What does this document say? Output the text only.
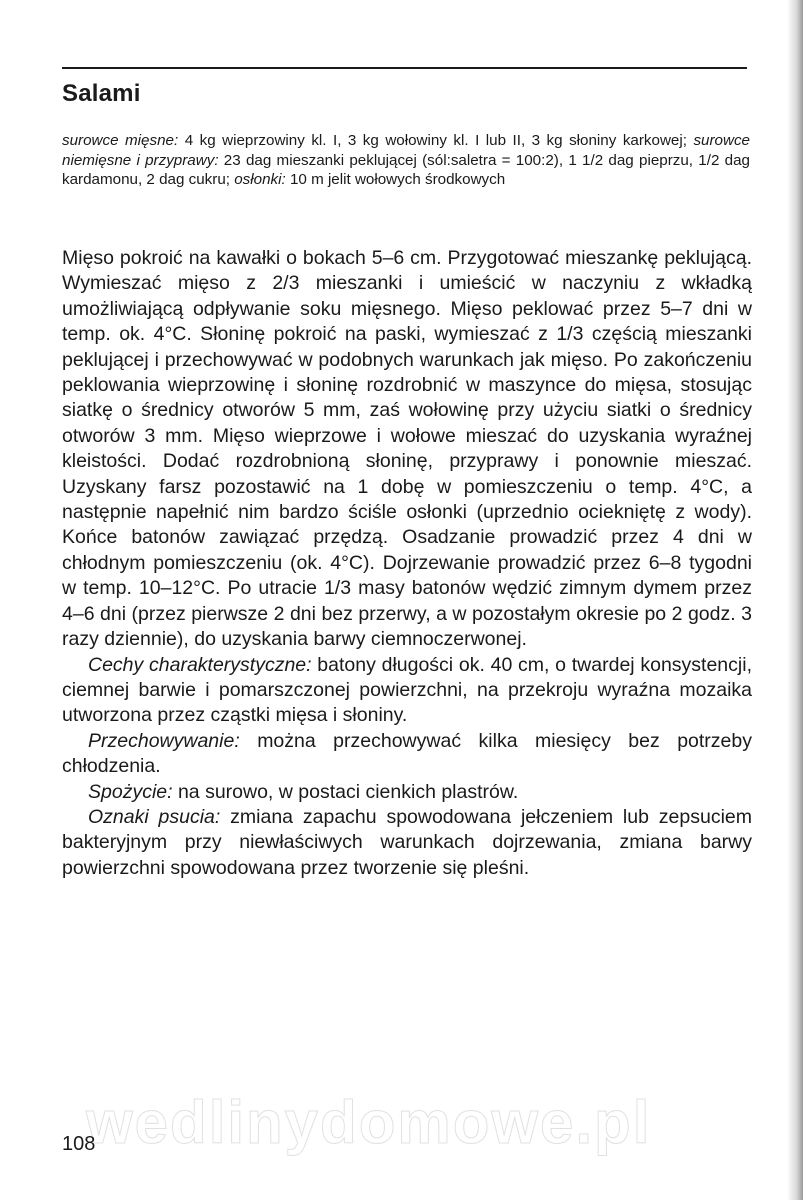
Salami

surowce mięsne: 4 kg wieprzowiny kl. I, 3 kg wołowiny kl. I lub II, 3 kg słoniny karkowej; surowce niemięsne i przyprawy: 23 dag mieszanki peklującej (sól:saletra = 100:2), 1 1/2 dag pieprzu, 1/2 dag kardamonu, 2 dag cukru; osłonki: 10 m jelit wołowych środkowych

Mięso pokroić na kawałki o bokach 5–6 cm. Przygotować mieszankę peklującą. Wymieszać mięso z 2/3 mieszanki i umieścić w naczyniu z wkładką umożliwiającą odpływanie soku mięsnego. Mięso peklować przez 5–7 dni w temp. ok. 4°C. Słoninę pokroić na paski, wymieszać z 1/3 częścią mieszanki peklującej i przechowywać w podobnych warunkach jak mięso. Po zakończeniu peklowania wieprzowinę i słoninę rozdrobnić w maszynce do mięsa, stosując siatkę o średnicy otworów 5 mm, zaś wołowinę przy użyciu siatki o średnicy otworów 3 mm. Mięso wieprzowe i wołowe mieszać do uzyskania wyraźnej kleistości. Dodać rozdrobnioną słoninę, przyprawy i ponownie mieszać. Uzyskany farsz pozostawić na 1 dobę w pomieszczeniu o temp. 4°C, a następnie napełnić nim bardzo ściśle osłonki (uprzednio ociekniętę z wody). Końce batonów zawiązać przędzą. Osadzanie prowadzić przez 4 dni w chłodnym pomieszczeniu (ok. 4°C). Dojrzewanie prowadzić przez 6–8 tygodni w temp. 10–12°C. Po utracie 1/3 masy batonów wędzić zimnym dymem przez 4–6 dni (przez pierwsze 2 dni bez przerwy, a w pozostałym okresie po 2 godz. 3 razy dziennie), do uzyskania barwy ciemnoczerwonej.

Cechy charakterystyczne: batony długości ok. 40 cm, o twardej konsystencji, ciemnej barwie i pomarszczonej powierzchni, na przekroju wyraźna mozaika utworzona przez cząstki mięsa i słoniny.

Przechowywanie: można przechowywać kilka miesięcy bez potrzeby chłodzenia.

Spożycie: na surowo, w postaci cienkich plastrów.

Oznaki psucia: zmiana zapachu spowodowana jełczeniem lub zepsuciem bakteryjnym przy niewłaściwych warunkach dojrzewania, zmiana barwy powierzchni spowodowana przez tworzenie się pleśni.

wedlinydomowe.pl
108
